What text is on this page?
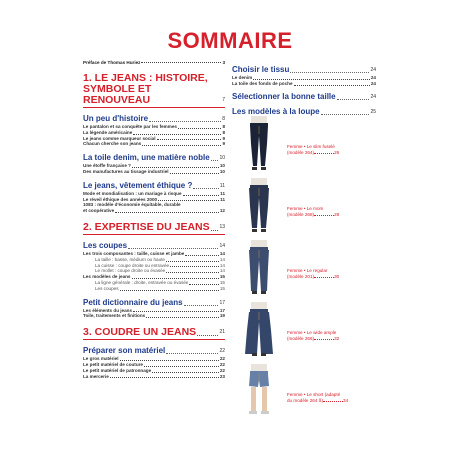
SOMMAIRE
Préface de Thomas Huriez	3
1. LE JEANS : HISTOIRE,
SYMBOLE ET RENOUVEAU	7
Un peu d'histoire	8
Le pantalon et sa conquête par les femmes	8
La légende américaine	8
Le jeans comme marqueur social	9
Chacun cherche son jeans	9
La toile denim, une matière noble 10
Une étoffe française ?	10
Des manufactures au tissage industriel	10
Le jeans, vêtement éthique ?	11
Mode et mondialisation : un mariage à risque	11
Le réveil éthique des années 2000	11
1083 : modèle d'économie équitable, durable
et coopérative	12
2. EXPERTISE DU JEANS 13
Les coupes	14
Les trois composantes : taille, cuisse et jambe	14
La taille : basse, médium ou haute	14
La cuisse : coupe droite ou entravée	14
Le mollet : coupe droite ou évasée	14
Les modèles de jeans	15
La ligne générale : droite, entravée ou évasée	15
Les coupes	15
Petit dictionnaire du jeans	17
Les éléments du jeans	17
Toile, traitements et finitions	19
3. COUDRE UN JEANS	21
Préparer son matériel	22
Le gros matériel	22
Le petit matériel de couture	22
Le petit matériel de patronnage	22
La mercerie	23
Choisir le tissu	24
Le denim	24
La toile des fonds de poche	24
Sélectionner la bonne taille	24
Les modèles à la loupe	25
Femme • Le slim fuselé
(modèle 264)	26
Femme • Le mom
(modèle 268)	28
Femme • Le regular
(modèle 201)	30
Femme • Le wide ample
(modèle 266)	32
Femme • Le short (adapté
du modèle 264 ß)	34
